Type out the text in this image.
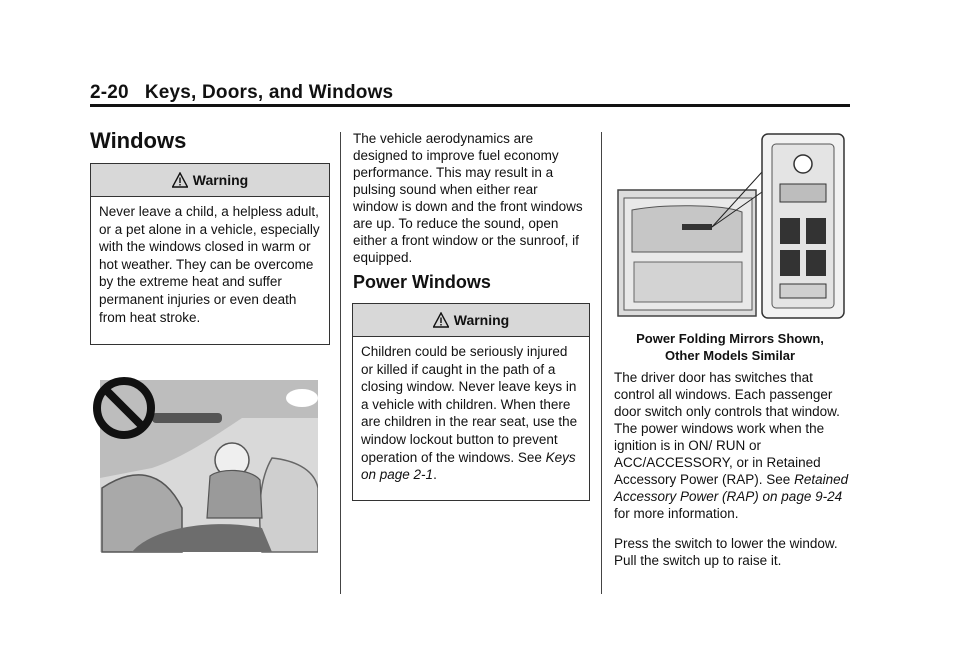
2-20 Keys, Doors, and Windows
Windows
Warning
Never leave a child, a helpless adult, or a pet alone in a vehicle, especially with the windows closed in warm or hot weather. They can be overcome by the extreme heat and suffer permanent injuries or even death from heat stroke.

The vehicle aerodynamics are designed to improve fuel economy performance. This may result in a pulsing sound when either rear window is down and the front windows are up. To reduce the sound, open either a front window or the sunroof, if equipped.

Power Windows
Warning
Children could be seriously injured or killed if caught in the path of a closing window. Never leave keys in a vehicle with children. When there are children in the rear seat, use the window lockout button to prevent operation of the windows. See Keys on page 2-1.
Power Folding Mirrors Shown,
Other Models Similar

The driver door has switches that control all windows. Each passenger door switch only controls that window. The power windows work when the ignition is in ON/ RUN or ACC/ACCESSORY, or in Retained Accessory Power (RAP). See Retained Accessory Power (RAP) on page 9-24 for more information.

Press the switch to lower the window. Pull the switch up to raise it.
